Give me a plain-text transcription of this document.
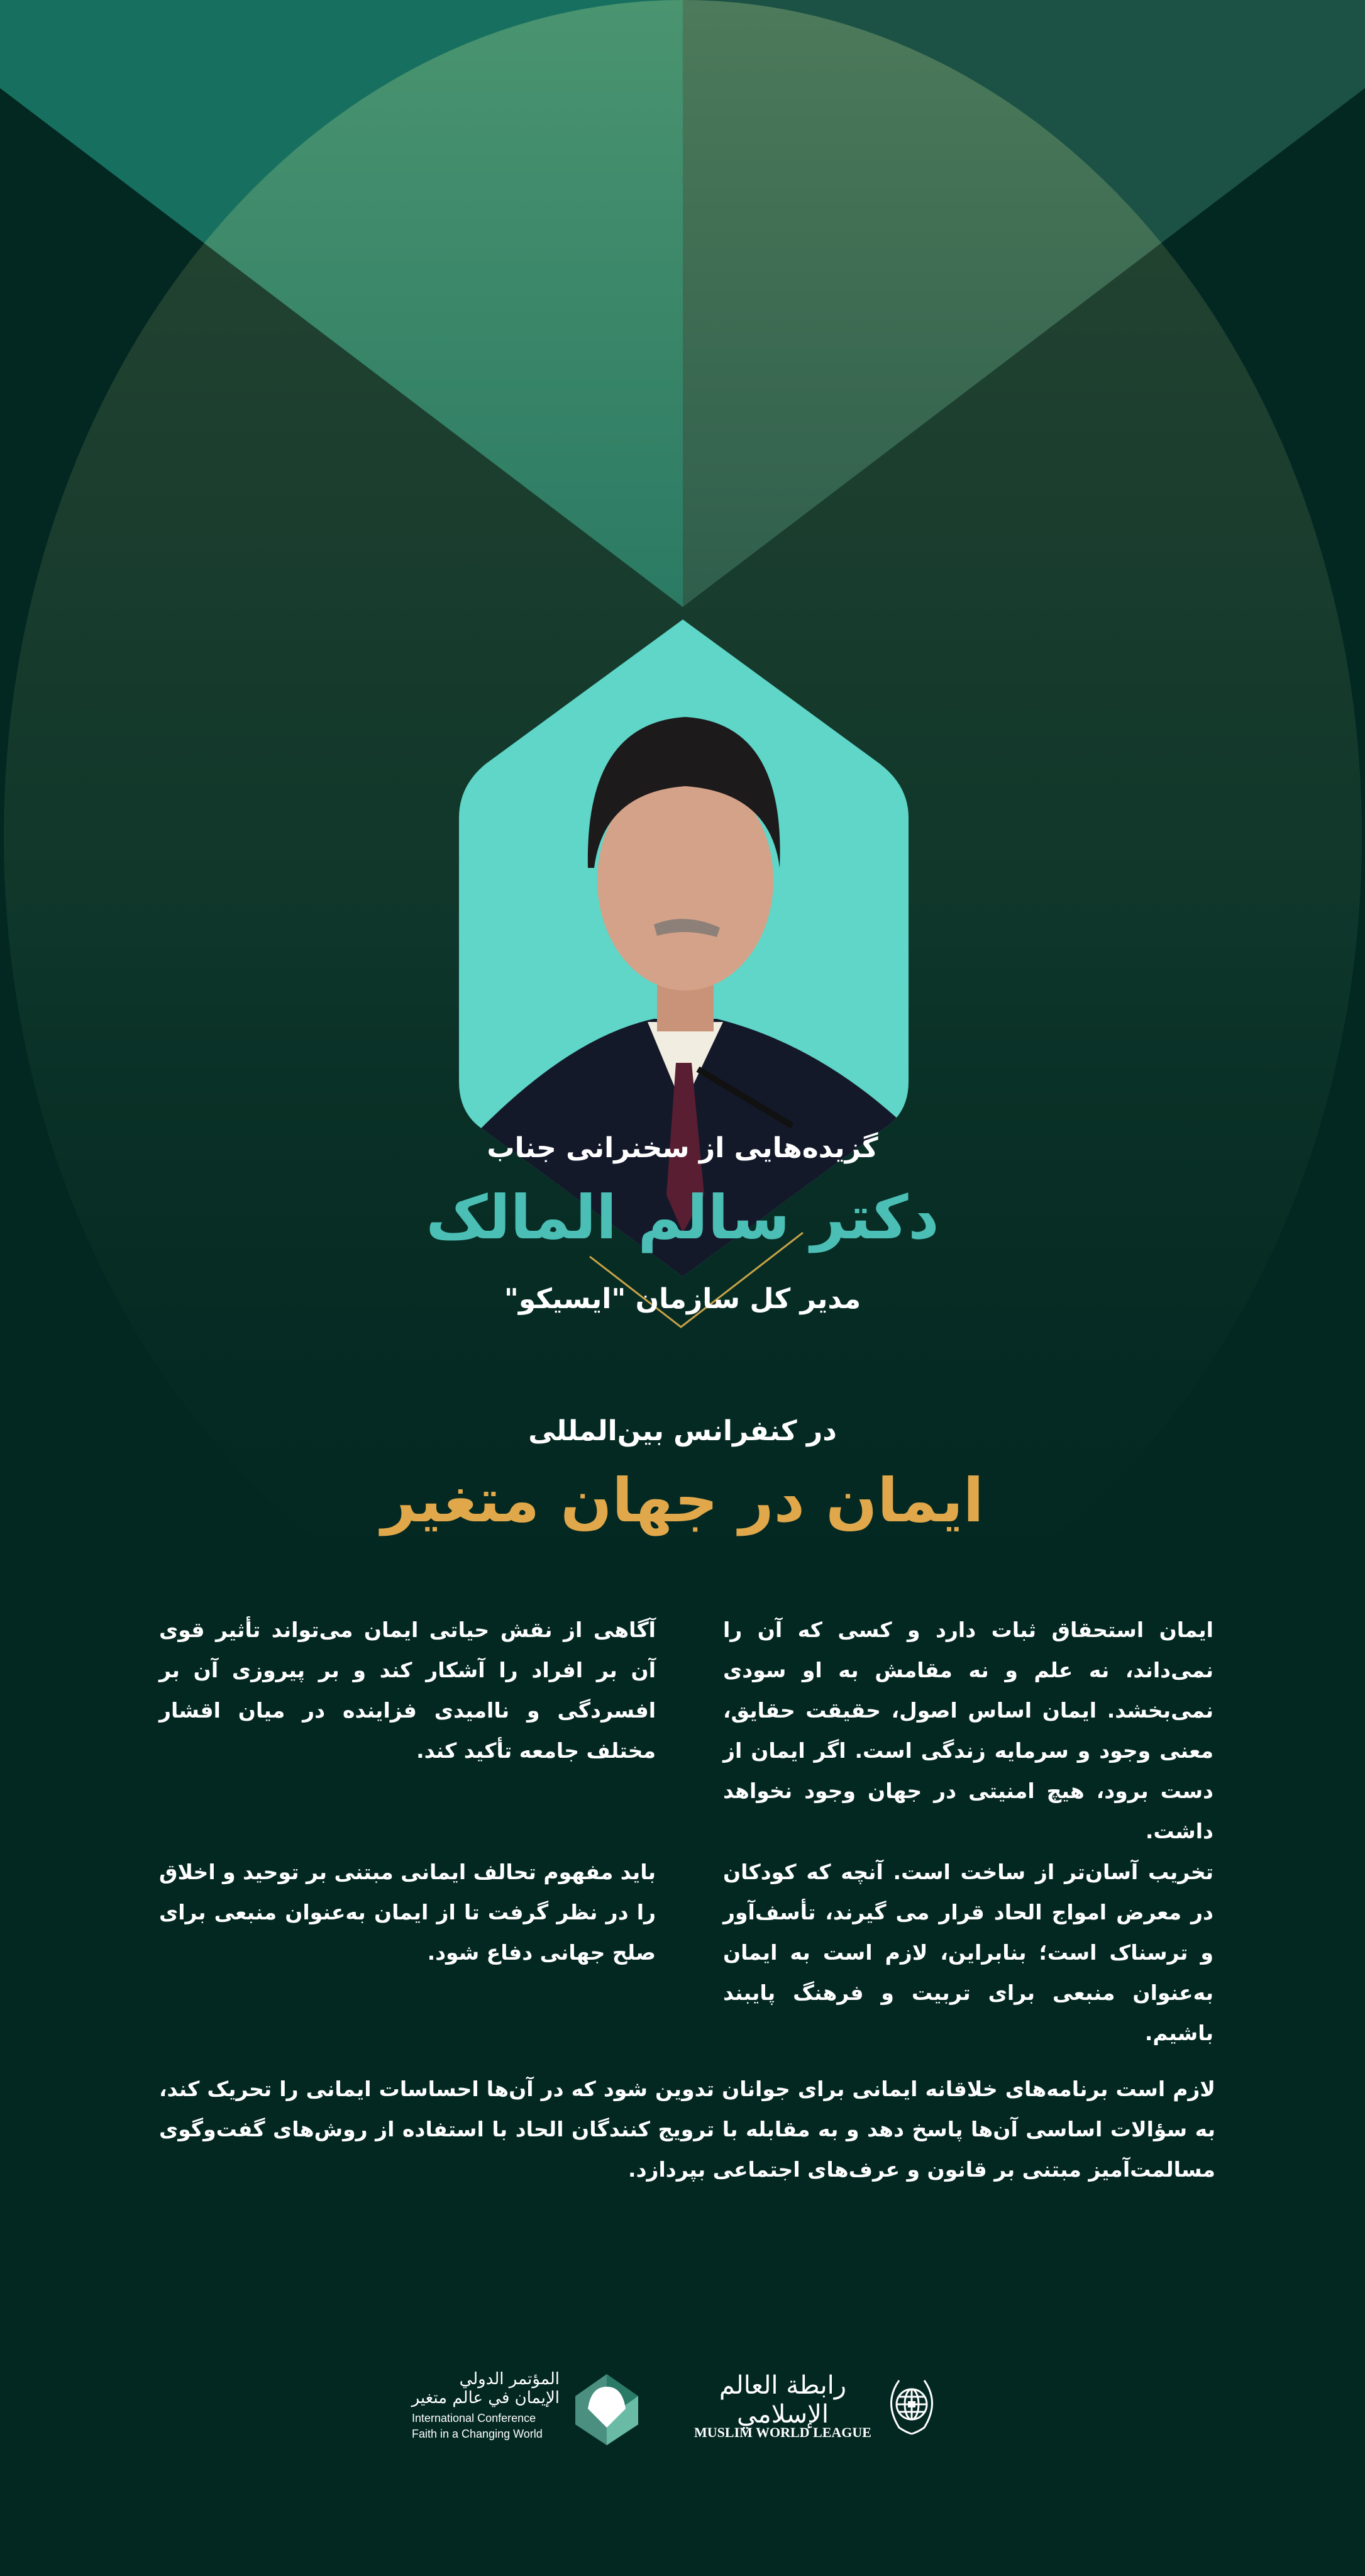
گزیده‌هایی از سخنرانی جناب
دکتر سالم المالک
مدیر کل سازمان "ایسیکو"
در کنفرانس بین‌المللی
ایمان در جهان متغیر
ایمان استحقاق ثبات دارد و کسی که آن را نمی‌داند، نه علم و نه مقامش به او سودی نمی‌بخشد. ایمان اساس اصول، حقیقت حقایق، معنی وجود و سرمایه زندگی است. اگر ایمان از دست برود، هیچ امنیتی در جهان وجود نخواهد داشت.
آگاهی از نقش حیاتی ایمان می‌تواند تأثیر قوی آن بر افراد را آشکار کند و بر پیروزی آن بر افسردگی و ناامیدی فزاینده در میان اقشار مختلف جامعه تأکید کند.
تخریب آسان‌تر از ساخت است. آنچه که کودکان در معرض امواج الحاد قرار می گیرند، تأسف‌آور و ترسناک است؛ بنابراین، لازم است به ایمان به‌عنوان منبعی برای تربیت و فرهنگ پایبند باشیم.
باید مفهوم تحالف ایمانی مبتنی بر توحید و اخلاق را در نظر گرفت تا از ایمان به‌عنوان منبعی برای صلح جهانی دفاع شود.
لازم است برنامه‌های خلاقانه ایمانی برای جوانان تدوین شود که در آن‌ها احساسات ایمانی را تحریک کند، به سؤالات اساسی آن‌ها پاسخ دهد و به مقابله با ترویج کنندگان الحاد با استفاده از روش‌های گفت‌وگوی مسالمت‌آمیز مبتنی بر قانون و عرف‌های اجتماعی بپردازد.
المؤتمر الدولي
الإيمان في عالم متغير
International Conference
Faith in a Changing World
رابطة العالم الإسلامي
MUSLIM WORLD LEAGUE
